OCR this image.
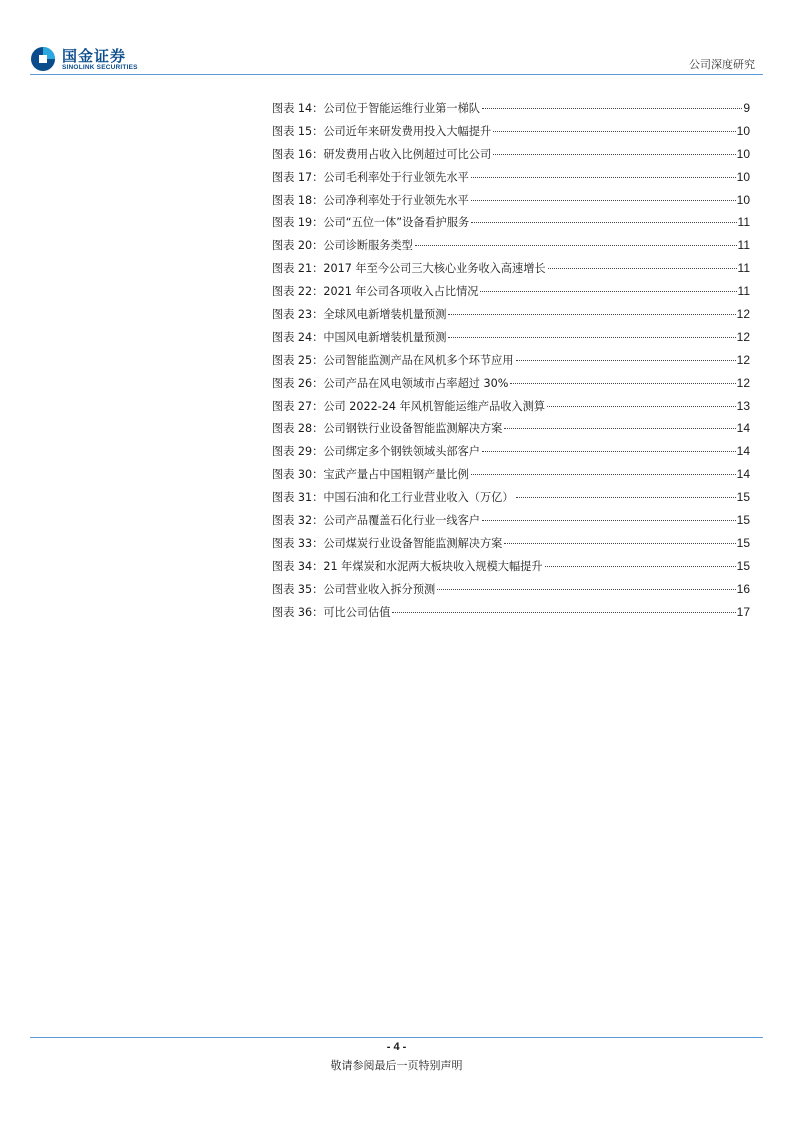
国金证券
SINOLINK SECURITIES	公司深度研究
图表 14：公司位于智能运维行业第一梯队	9
图表 15：公司近年来研发费用投入大幅提升	10
图表 16：研发费用占收入比例超过可比公司	10
图表 17：公司毛利率处于行业领先水平	10
图表 18：公司净利率处于行业领先水平	10
图表 19：公司“五位一体”设备看护服务	11
图表 20：公司诊断服务类型	11
图表 21：2017 年至今公司三大核心业务收入高速增长	11
图表 22：2021 年公司各项收入占比情况	11
图表 23：全球风电新增装机量预测	12
图表 24：中国风电新增装机量预测	12
图表 25：公司智能监测产品在风机多个环节应用	12
图表 26：公司产品在风电领域市占率超过 30%	12
图表 27：公司 2022-24 年风机智能运维产品收入测算	13
图表 28：公司钢铁行业设备智能监测解决方案	14
图表 29：公司绑定多个钢铁领域头部客户	14
图表 30：宝武产量占中国粗钢产量比例	14
图表 31：中国石油和化工行业营业收入（万亿）	15
图表 32：公司产品覆盖石化行业一线客户	15
图表 33：公司煤炭行业设备智能监测解决方案	15
图表 34：21 年煤炭和水泥两大板块收入规模大幅提升	15
图表 35：公司营业收入拆分预测	16
图表 36：可比公司估值	17
- 4 -
敬请参阅最后一页特别声明
